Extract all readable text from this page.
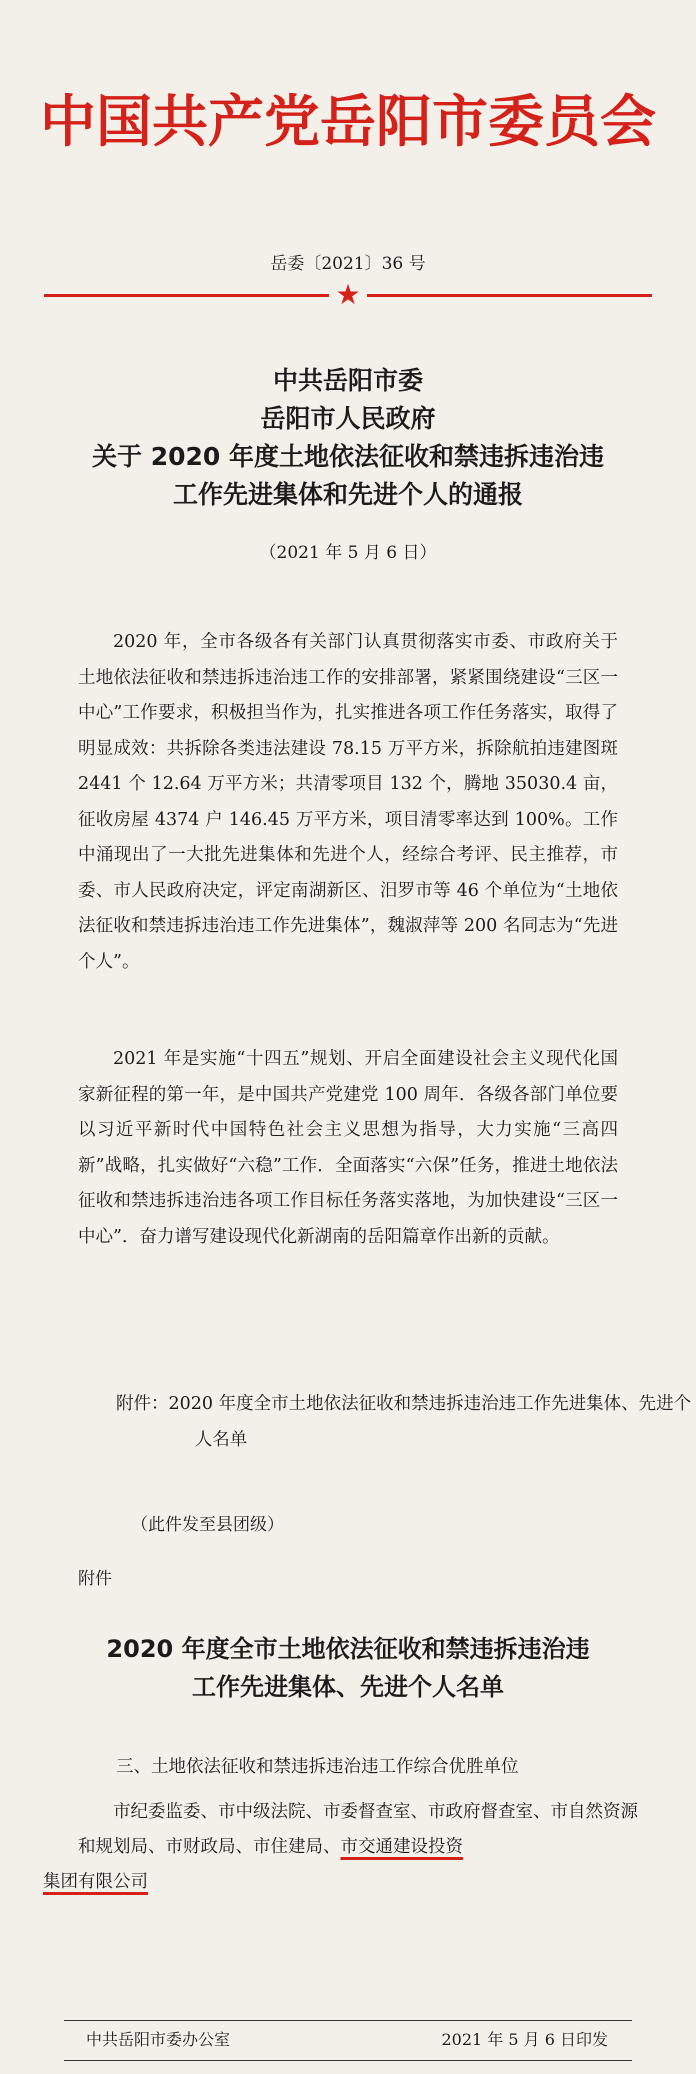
中国共产党岳阳市委员会
岳委〔2021〕36 号
★
中共岳阳市委
岳阳市人民政府
关于 2020 年度土地依法征收和禁违拆违治违
工作先进集体和先进个人的通报
（2021 年 5 月 6 日）
2020 年，全市各级各有关部门认真贯彻落实市委、市政府关于土地依法征收和禁违拆违治违工作的安排部署，紧紧围绕建设“三区一中心”工作要求，积极担当作为，扎实推进各项工作任务落实，取得了明显成效：共拆除各类违法建设 78.15 万平方米，拆除航拍违建图斑 2441 个 12.64 万平方米；共清零项目 132 个，腾地 35030.4 亩，征收房屋 4374 户 146.45 万平方米，项目清零率达到 100%。工作中涌现出了一大批先进集体和先进个人，经综合考评、民主推荐，市委、市人民政府决定，评定南湖新区、汨罗市等 46 个单位为“土地依法征收和禁违拆违治违工作先进集体”，魏淑萍等 200 名同志为“先进个人”。
2021 年是实施“十四五”规划、开启全面建设社会主义现代化国家新征程的第一年，是中国共产党建党 100 周年．各级各部门单位要以习近平新时代中国特色社会主义思想为指导，大力实施“三高四新”战略，扎实做好“六稳”工作．全面落实“六保”任务，推进土地依法征收和禁违拆违治违各项工作目标任务落实落地，为加快建设“三区一中心”．奋力谱写建设现代化新湖南的岳阳篇章作出新的贡献。
附件：2020 年度全市土地依法征收和禁违拆违治违工作先进集体、先进个人名单
（此件发至县团级）
附件
2020 年度全市土地依法征收和禁违拆违治违
工作先进集体、先进个人名单
三、土地依法征收和禁违拆违治违工作综合优胜单位
市纪委监委、市中级法院、市委督查室、市政府督查室、市自然资源和规划局、市财政局、市住建局、市交通建设投资
集团有限公司
中共岳阳市委办公室	2021 年 5 月 6 日印发
